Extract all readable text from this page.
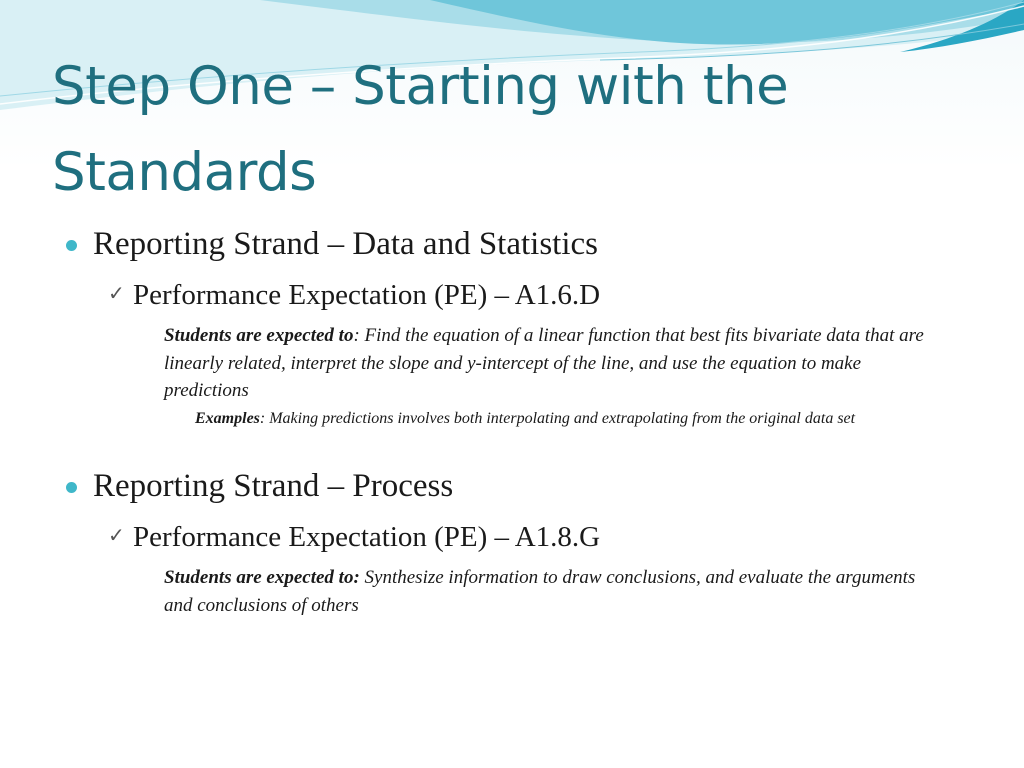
Step One – Starting with the Standards
Reporting Strand – Data and Statistics
✓ Performance Expectation (PE) – A1.6.D
Students are expected to: Find the equation of a linear function that best fits bivariate data that are linearly related, interpret the slope and y-intercept of the line, and use the equation to make predictions
Examples: Making predictions involves both interpolating and extrapolating from the original data set
Reporting Strand – Process
✓ Performance Expectation (PE) – A1.8.G
Students are expected to: Synthesize information to draw conclusions, and evaluate the arguments and conclusions of others
